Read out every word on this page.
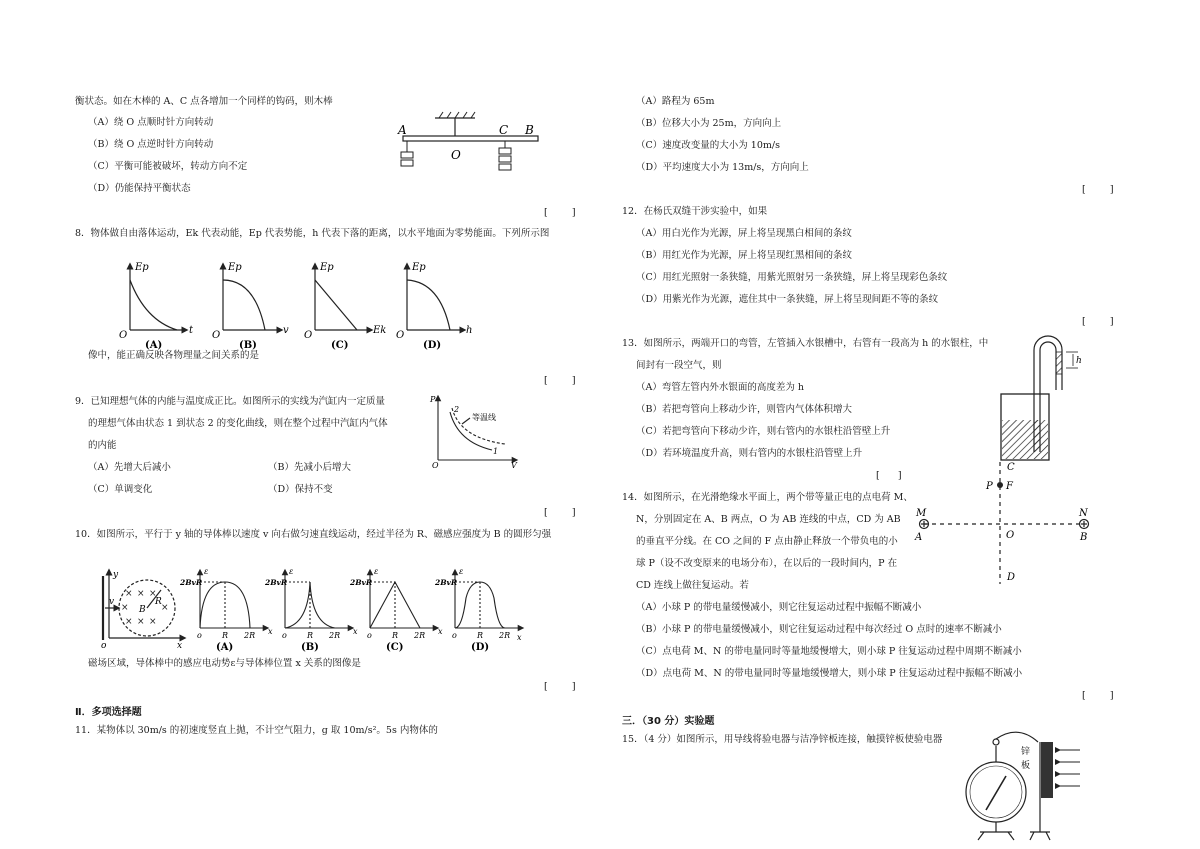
衡状态。如在木棒的 A、C 点各增加一个同样的钩码，则木棒
（A）绕 O 点顺时针方向转动
（B）绕 O 点逆时针方向转动
（C）平衡可能被破坏，转动方向不定
（D）仍能保持平衡状态
A
O
C B
[        ]
8．物体做自由落体运动，Ek 代表动能，Ep 代表势能，h 代表下落的距离，以水平地面为零势能面。下列所示图
Ep
t
O
Ep
v
O
Ep
Ek
O
Ep
h
O
(A)	(B)	(C)	(D)
像中，能正确反映各物理量之间关系的是
[        ]
9．已知理想气体的内能与温度成正比。如图所示的实线为汽缸内一定质量
的理想气体由状态 1 到状态 2 的变化曲线，则在整个过程中汽缸内气体
的内能
（A）先增大后减小	（B）先减小后增大
（C）单调变化	（D）保持不变
P
V
O
2
1
等温线
[        ]
10．如图所示，平行于 y 轴的导体棒以速度 v 向右做匀速直线运动，经过半径为 R、磁感应强度为 B 的圆形匀强
× × ×
×	×
× × ×
y
v
x
o
B
R
2BvR	2BvR	2BvR	2BvR
ε	ε	ε	ε
o	R 2R x o	R 2R x o	R 2R x o	R 2R x
(A)	(B)	(C)	(D)
磁场区域，导体棒中的感应电动势ε与导体棒位置 x 关系的图像是
[        ]
Ⅱ．多项选择题
11．某物体以 30m/s 的初速度竖直上抛，不计空气阻力，g 取 10m/s²。5s 内物体的
（A）路程为 65m
（B）位移大小为 25m，方向向上
（C）速度改变量的大小为 10m/s
（D）平均速度大小为 13m/s，方向向上
[        ]
12．在杨氏双缝干涉实验中，如果
（A）用白光作为光源，屏上将呈现黑白相间的条纹
（B）用红光作为光源，屏上将呈现红黑相间的条纹
（C）用红光照射一条狭缝，用紫光照射另一条狭缝，屏上将呈现彩色条纹
（D）用紫光作为光源，遮住其中一条狭缝，屏上将呈现间距不等的条纹
[        ]
13．如图所示，两端开口的弯管，左管插入水银槽中，右管有一段高为 h 的水银柱，中
间封有一段空气，则
（A）弯管左管内外水银面的高度差为 h
（B）若把弯管向上移动少许，则管内气体体积增大
（C）若把弯管向下移动少许，则右管内的水银柱沿管壁上升
（D）若环境温度升高，则右管内的水银柱沿管壁上升
[      ]
h
14．如图所示，在光滑绝缘水平面上，两个带等量正电的点电荷 M、
N，分别固定在 A、B 两点，O 为 AB 连线的中点，CD 为 AB
的垂直平分线。在 CO 之间的 F 点由静止释放一个带负电的小
球 P（设不改变原来的电场分布），在以后的一段时间内，P 在
CD 连线上做往复运动。若
（A）小球 P 的带电量缓慢减小，则它往复运动过程中振幅不断减小
（B）小球 P 的带电量缓慢减小，则它往复运动过程中每次经过 O 点时的速率不断减小
（C）点电荷 M、N 的带电量同时等量地缓慢增大，则小球 P 往复运动过程中周期不断减小
（D）点电荷 M、N 的带电量同时等量地缓慢增大，则小球 P 往复运动过程中振幅不断减小
[        ]
M
A
N
B
O
C
D
P F
三．（30 分）实验题
15．（4 分）如图所示，用导线将验电器与洁净锌板连接，触摸锌板使验电器
锌
板
